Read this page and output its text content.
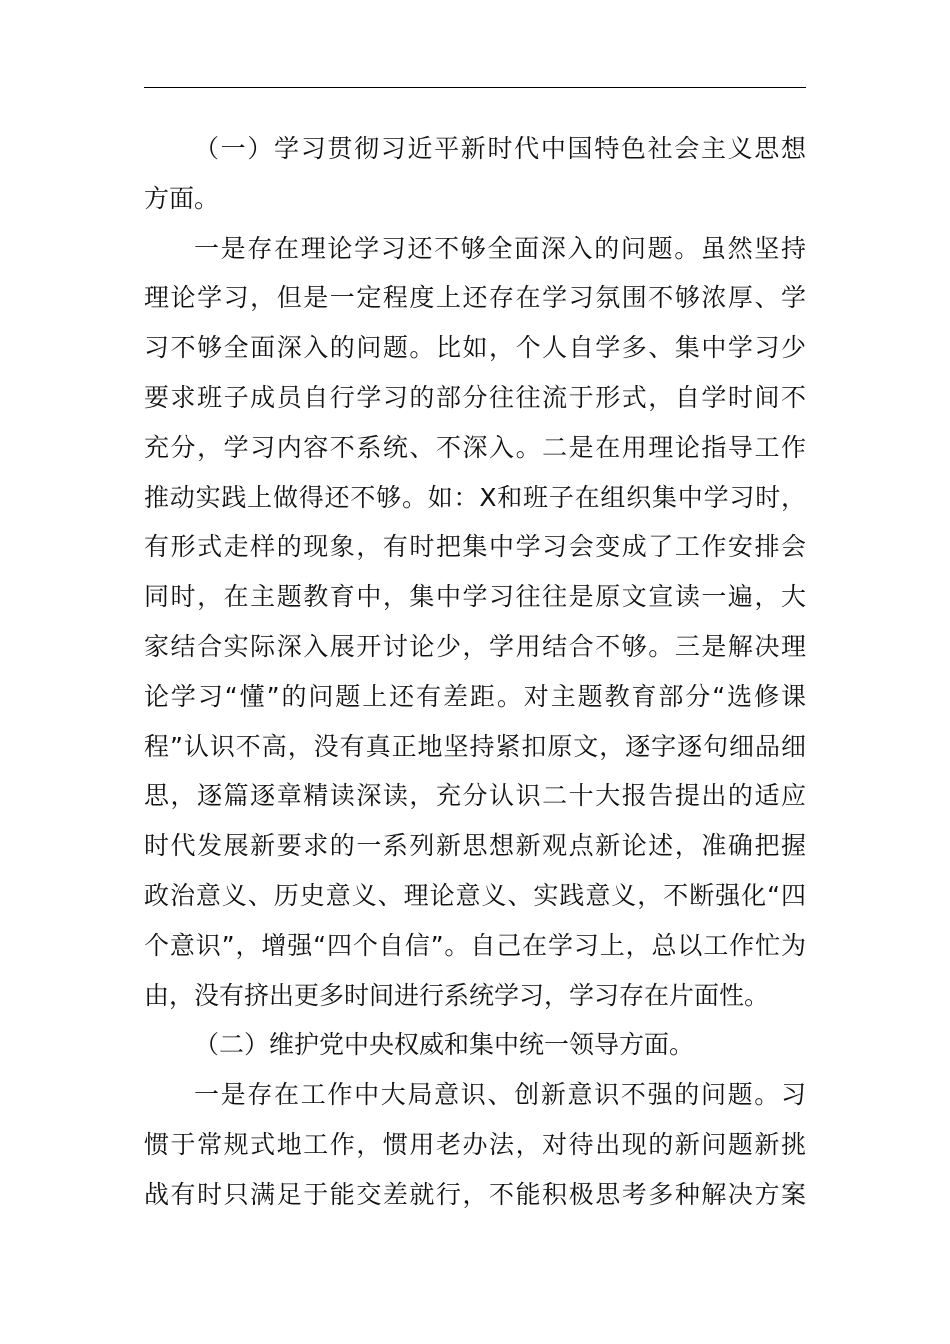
（一）学习贯彻习近平新时代中国特色社会主义思想
方面。
一是存在理论学习还不够全面深入的问题。虽然坚持
理论学习，但是一定程度上还存在学习氛围不够浓厚、学
习不够全面深入的问题。比如，个人自学多、集中学习少
要求班子成员自行学习的部分往往流于形式，自学时间不
充分，学习内容不系统、不深入。二是在用理论指导工作
推动实践上做得还不够。如：X和班子在组织集中学习时，
有形式走样的现象，有时把集中学习会变成了工作安排会
同时，在主题教育中，集中学习往往是原文宣读一遍，大
家结合实际深入展开讨论少，学用结合不够。三是解决理
论学习“懂”的问题上还有差距。对主题教育部分“选修课
程”认识不高，没有真正地坚持紧扣原文，逐字逐句细品细
思，逐篇逐章精读深读，充分认识二十大报告提出的适应
时代发展新要求的一系列新思想新观点新论述，准确把握
政治意义、历史意义、理论意义、实践意义，不断强化“四
个意识”，增强“四个自信”。自己在学习上，总以工作忙为
由，没有挤出更多时间进行系统学习，学习存在片面性。
（二）维护党中央权威和集中统一领导方面。
一是存在工作中大局意识、创新意识不强的问题。习
惯于常规式地工作，惯用老办法，对待出现的新问题新挑
战有时只满足于能交差就行，不能积极思考多种解决方案
